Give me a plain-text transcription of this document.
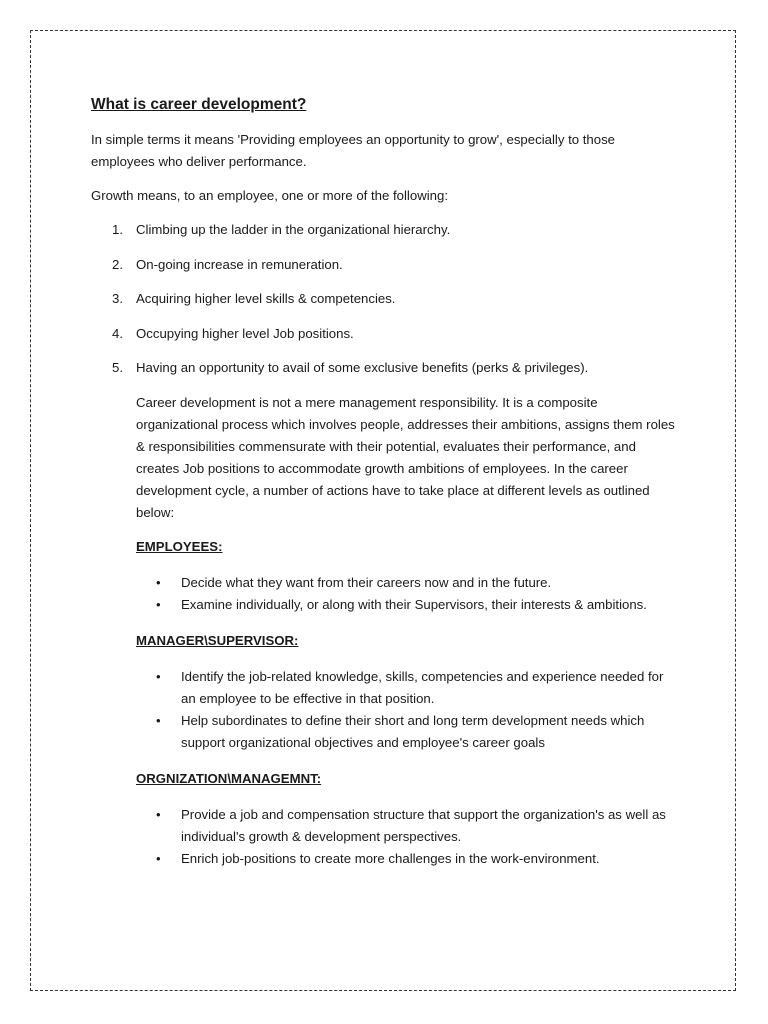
What is career development?

In simple terms it means 'Providing employees an opportunity to grow', especially to those employees who deliver performance.

Growth means, to an employee, one or more of the following:

1. Climbing up the ladder in the organizational hierarchy.
2. On-going increase in remuneration.
3. Acquiring higher level skills & competencies.
4. Occupying higher level Job positions.
5. Having an opportunity to avail of some exclusive benefits (perks & privileges).

Career development is not a mere management responsibility. It is a composite organizational process which involves people, addresses their ambitions, assigns them roles & responsibilities commensurate with their potential, evaluates their performance, and creates Job positions to accommodate growth ambitions of employees. In the career development cycle, a number of actions have to take place at different levels as outlined below:

EMPLOYEES:
• Decide what they want from their careers now and in the future.
• Examine individually, or along with their Supervisors, their interests & ambitions.
MANAGER\SUPERVISOR:
• Identify the job-related knowledge, skills, competencies and experience needed for an employee to be effective in that position.
• Help subordinates to define their short and long term development needs which support organizational objectives and employee's career goals
ORGNIZATION\MANAGEMNT:
• Provide a job and compensation structure that support the organization's as well as individual's growth & development perspectives.
• Enrich job-positions to create more challenges in the work-environment.
